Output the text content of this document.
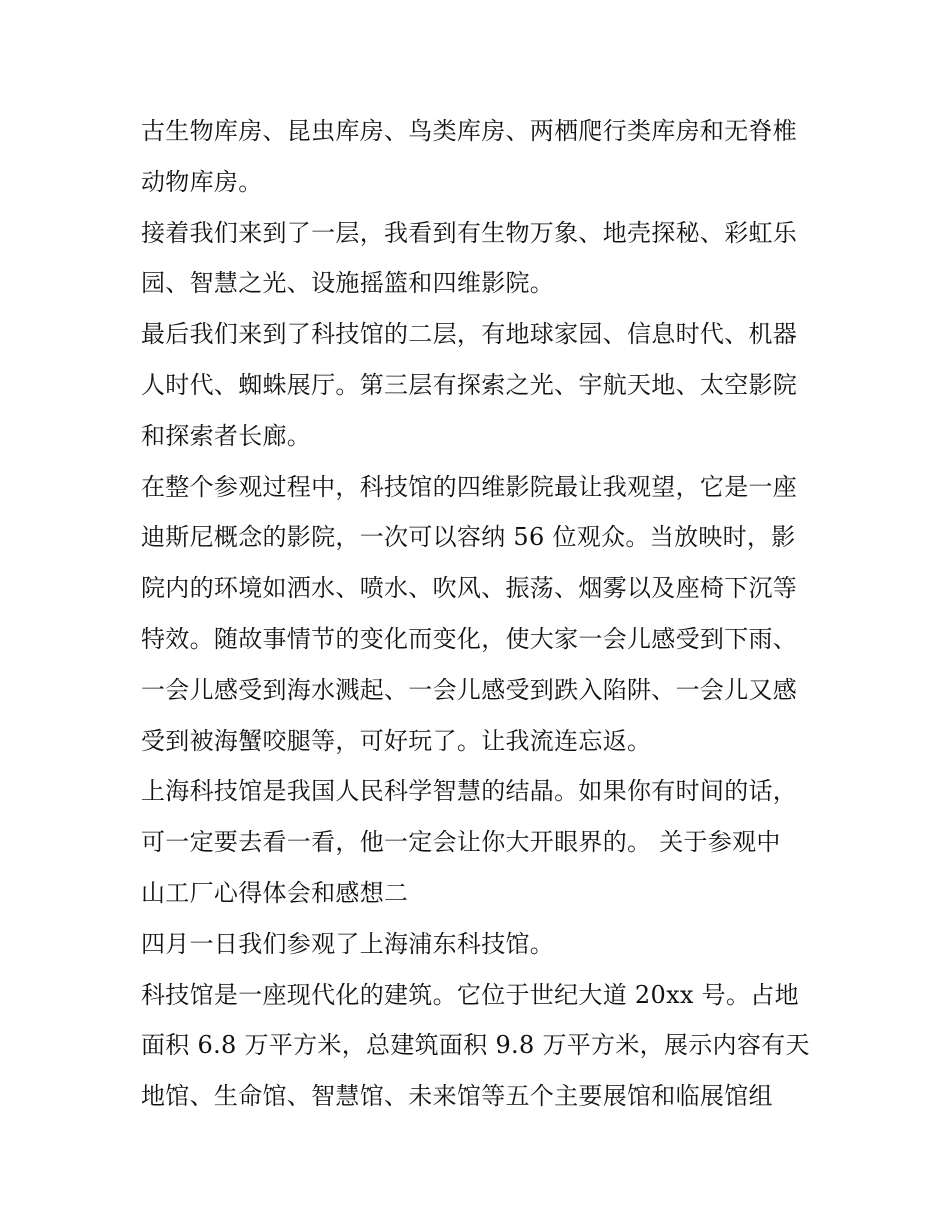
古生物库房、昆虫库房、鸟类库房、两栖爬行类库房和无脊椎
动物库房。
接着我们来到了一层，我看到有生物万象、地壳探秘、彩虹乐
园、智慧之光、设施摇篮和四维影院。
最后我们来到了科技馆的二层，有地球家园、信息时代、机器
人时代、蜘蛛展厅。第三层有探索之光、宇航天地、太空影院
和探索者长廊。
在整个参观过程中，科技馆的四维影院最让我观望，它是一座
迪斯尼概念的影院，一次可以容纳 56 位观众。当放映时，影
院内的环境如洒水、喷水、吹风、振荡、烟雾以及座椅下沉等
特效。随故事情节的变化而变化，使大家一会儿感受到下雨、
一会儿感受到海水溅起、一会儿感受到跌入陷阱、一会儿又感
受到被海蟹咬腿等，可好玩了。让我流连忘返。
上海科技馆是我国人民科学智慧的结晶。如果你有时间的话，
可一定要去看一看，他一定会让你大开眼界的。 关于参观中
山工厂心得体会和感想二
四月一日我们参观了上海浦东科技馆。
科技馆是一座现代化的建筑。它位于世纪大道 20xx 号。占地
面积 6.8 万平方米，总建筑面积 9.8 万平方米，展示内容有天
地馆、生命馆、智慧馆、未来馆等五个主要展馆和临展馆组
